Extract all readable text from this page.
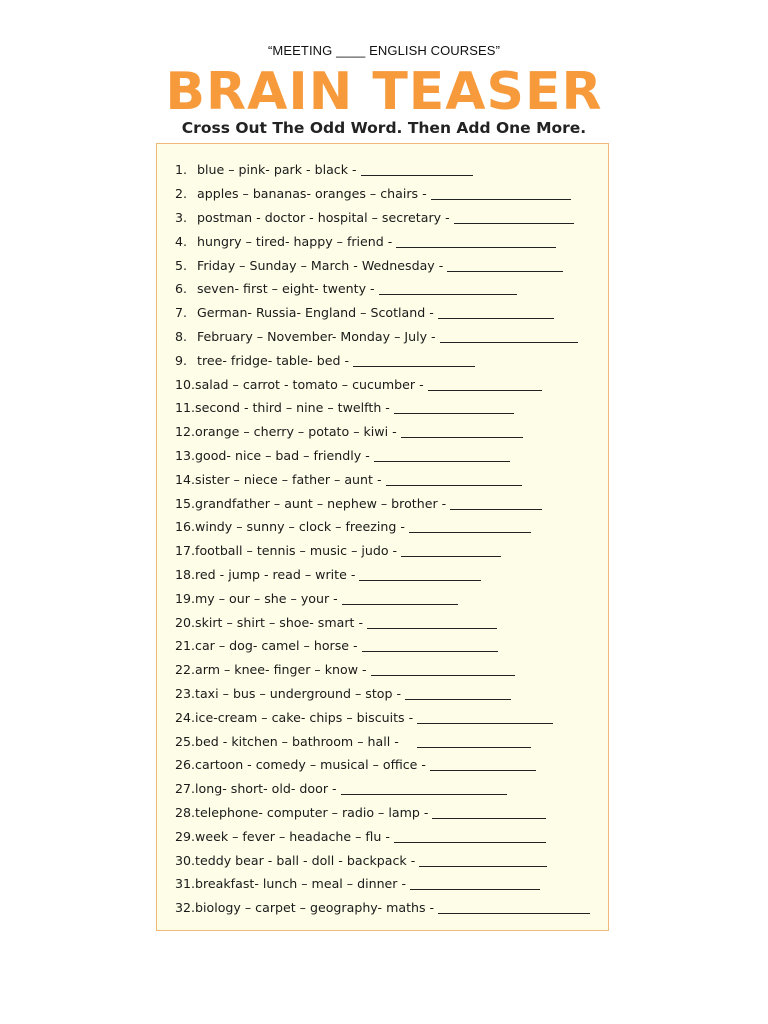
“MEETING ____ ENGLISH COURSES”
BRAIN TEASER
Cross Out The Odd Word. Then Add One More.
1. blue – pink- park - black -
2. apples – bananas- oranges – chairs -
3. postman - doctor - hospital – secretary -
4. hungry – tired- happy – friend -
5. Friday – Sunday – March - Wednesday -
6. seven- first – eight- twenty -
7. German- Russia- England – Scotland -
8. February – November- Monday – July -
9. tree- fridge- table- bed -
10. salad – carrot - tomato – cucumber -
11. second - third – nine – twelfth -
12. orange – cherry – potato – kiwi -
13. good- nice – bad – friendly -
14. sister – niece – father – aunt -
15. grandfather – aunt – nephew – brother -
16. windy – sunny – clock – freezing -
17. football – tennis – music – judo -
18. red - jump - read – write -
19. my – our – she – your -
20. skirt – shirt – shoe- smart -
21. car – dog- camel – horse -
22. arm – knee- finger – know -
23. taxi – bus – underground – stop -
24. ice-cream – cake- chips – biscuits -
25. bed - kitchen – bathroom – hall -
26. cartoon - comedy – musical – office -
27. long- short- old- door -
28. telephone- computer – radio – lamp -
29. week – fever – headache – flu -
30. teddy bear - ball - doll - backpack -
31. breakfast- lunch – meal – dinner -
32. biology – carpet – geography- maths -
